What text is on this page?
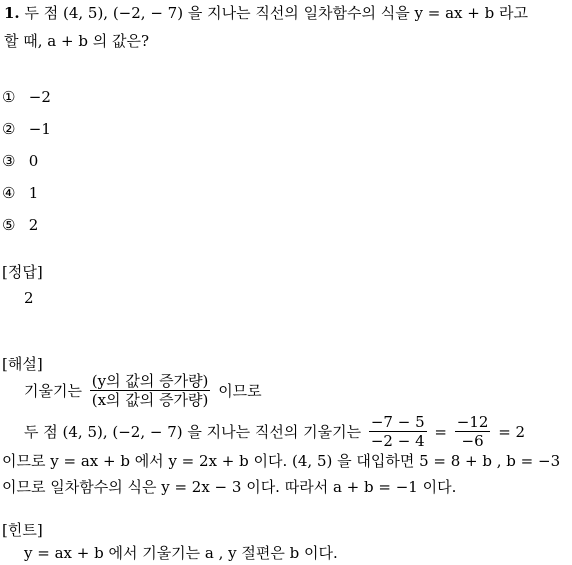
1. 두 점 (4, 5), (−2, − 7) 을 지나는 직선의 일차함수의 식을 y = ax + b 라고
할 때, a + b 의 값은?
① −2
② −1
③ 0
④ 1
⑤ 2
[정답]
2
[해설]
기울기는 $\frac{\text{(y의 값의 증가량)}}{\text{(x의 값의 증가량)}}$ 이므로
두 점 (4, 5), (−2, − 7) 을 지나는 직선의 기울기는 $\frac{-7 - 5}{-2 - 4} = \frac{-12}{-6} = 2$
이므로 y = ax + b 에서 y = 2x + b 이다. (4, 5) 을 대입하면 5 = 8 + b , b = −3
이므로 일차함수의 식은 y = 2x − 3 이다. 따라서 a + b = −1 이다.
[힌트]
y = ax + b 에서 기울기는 a , y 절편은 b 이다.
